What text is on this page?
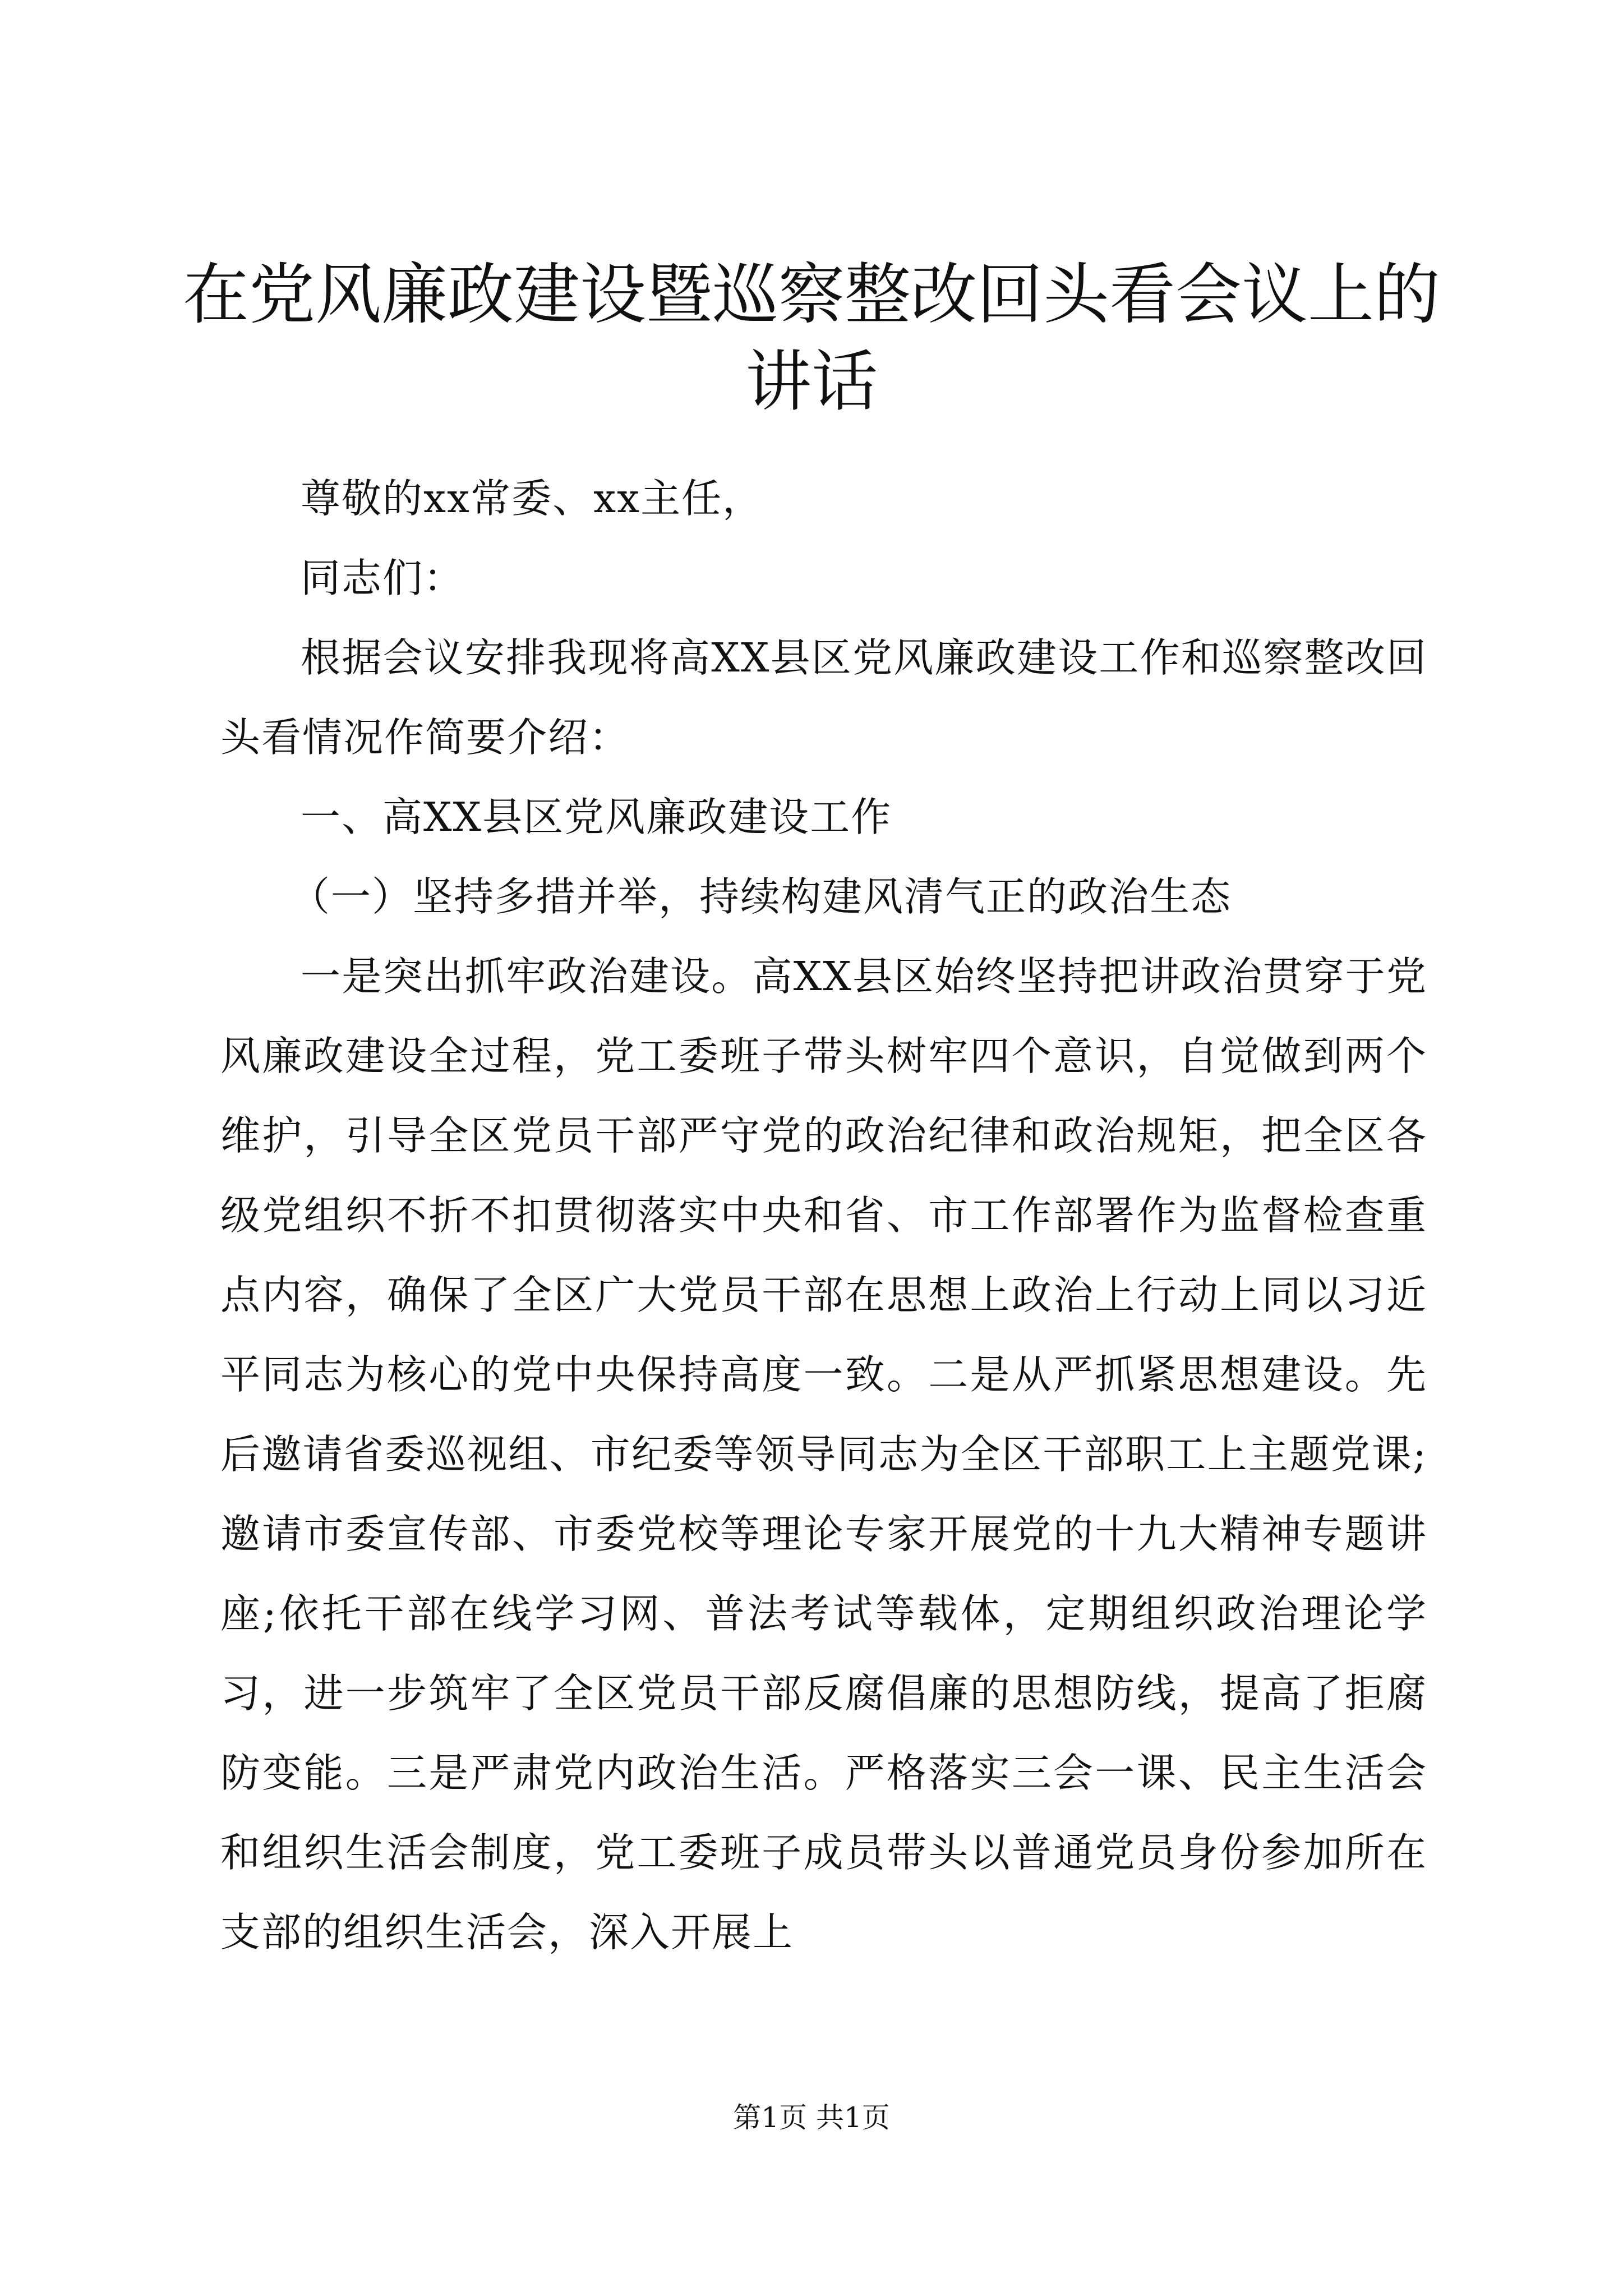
在党风廉政建设暨巡察整改回头看会议上的讲话

尊敬的xx常委、xx主任，

同志们：

根据会议安排我现将高XX县区党风廉政建设工作和巡察整改回头看情况作简要介绍：

一、高XX县区党风廉政建设工作

（一）坚持多措并举，持续构建风清气正的政治生态

一是突出抓牢政治建设。高XX县区始终坚持把讲政治贯穿于党风廉政建设全过程，党工委班子带头树牢四个意识，自觉做到两个维护，引导全区党员干部严守党的政治纪律和政治规矩，把全区各级党组织不折不扣贯彻落实中央和省、市工作部署作为监督检查重点内容，确保了全区广大党员干部在思想上政治上行动上同以习近平同志为核心的党中央保持高度一致。二是从严抓紧思想建设。先后邀请省委巡视组、市纪委等领导同志为全区干部职工上主题党课;邀请市委宣传部、市委党校等理论专家开展党的十九大精神专题讲座;依托干部在线学习网、普法考试等载体，定期组织政治理论学习，进一步筑牢了全区党员干部反腐倡廉的思想防线，提高了拒腐防变能。三是严肃党内政治生活。严格落实三会一课、民主生活会和组织生活会制度，党工委班子成员带头以普通党员身份参加所在支部的组织生活会，深入开展上

第1页 共1页
